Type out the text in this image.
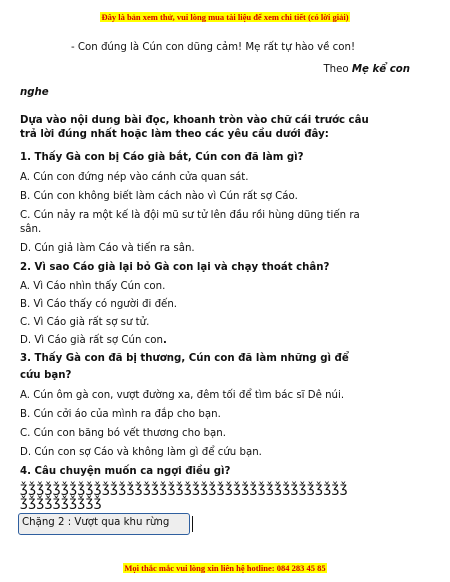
Đây là bản xem thử, vui lòng mua tài liệu để xem chi tiết (có lời giải)
- Con đúng là Cún con dũng cảm! Mẹ rất tự hào về con!
Theo Mẹ kể con
nghe
Dựa vào nội dung bài đọc, khoanh tròn vào chữ cái trước câu
trả lời đúng nhất hoặc làm theo các yêu cầu dưới đây:
1. Thấy Gà con bị Cáo già bắt, Cún con đã làm gì?
A. Cún con đứng nép vào cánh cửa quan sát.
B. Cún con không biết làm cách nào vì Cún rất sợ Cáo.
C. Cún nảy ra một kế là đội mũ sư tử lên đầu rồi hùng dũng tiến ra
sân.
D. Cún giả làm Cáo và tiến ra sân.
2. Vì sao Cáo già lại bỏ Gà con lại và chạy thoát chân?
A. Vì Cáo nhìn thấy Cún con.
B. Vì Cáo thấy có người đi đến.
C. Vì Cáo già rất sợ sư tử.
D. Vì Cáo già rất sợ Cún con.
3. Thấy Gà con đã bị thương, Cún con đã làm những gì để
cứu bạn?
A. Cún ôm gà con, vượt đường xa, đêm tối để tìm bác sĩ Dê núi.
B. Cún cởi áo của mình ra đắp cho bạn.
C. Cún con băng bó vết thương cho bạn.
D. Cún con sợ Cáo và không làm gì để cứu bạn.
4. Câu chuyện muốn ca ngợi điều gì?
ǯǯǯǯǯǯǯǯǯǯǯǯǯǯǯǯǯǯǯǯǯǯǯǯǯǯǯǯǯǯǯǯǯǯǯǯǯǯǯǯ
ǯǯǯǯǯǯǯǯǯǯ
Chặng 2 : Vượt qua khu rừng
Mọi thắc mắc vui lòng xin liên hệ hotline: 084 283 45 85
